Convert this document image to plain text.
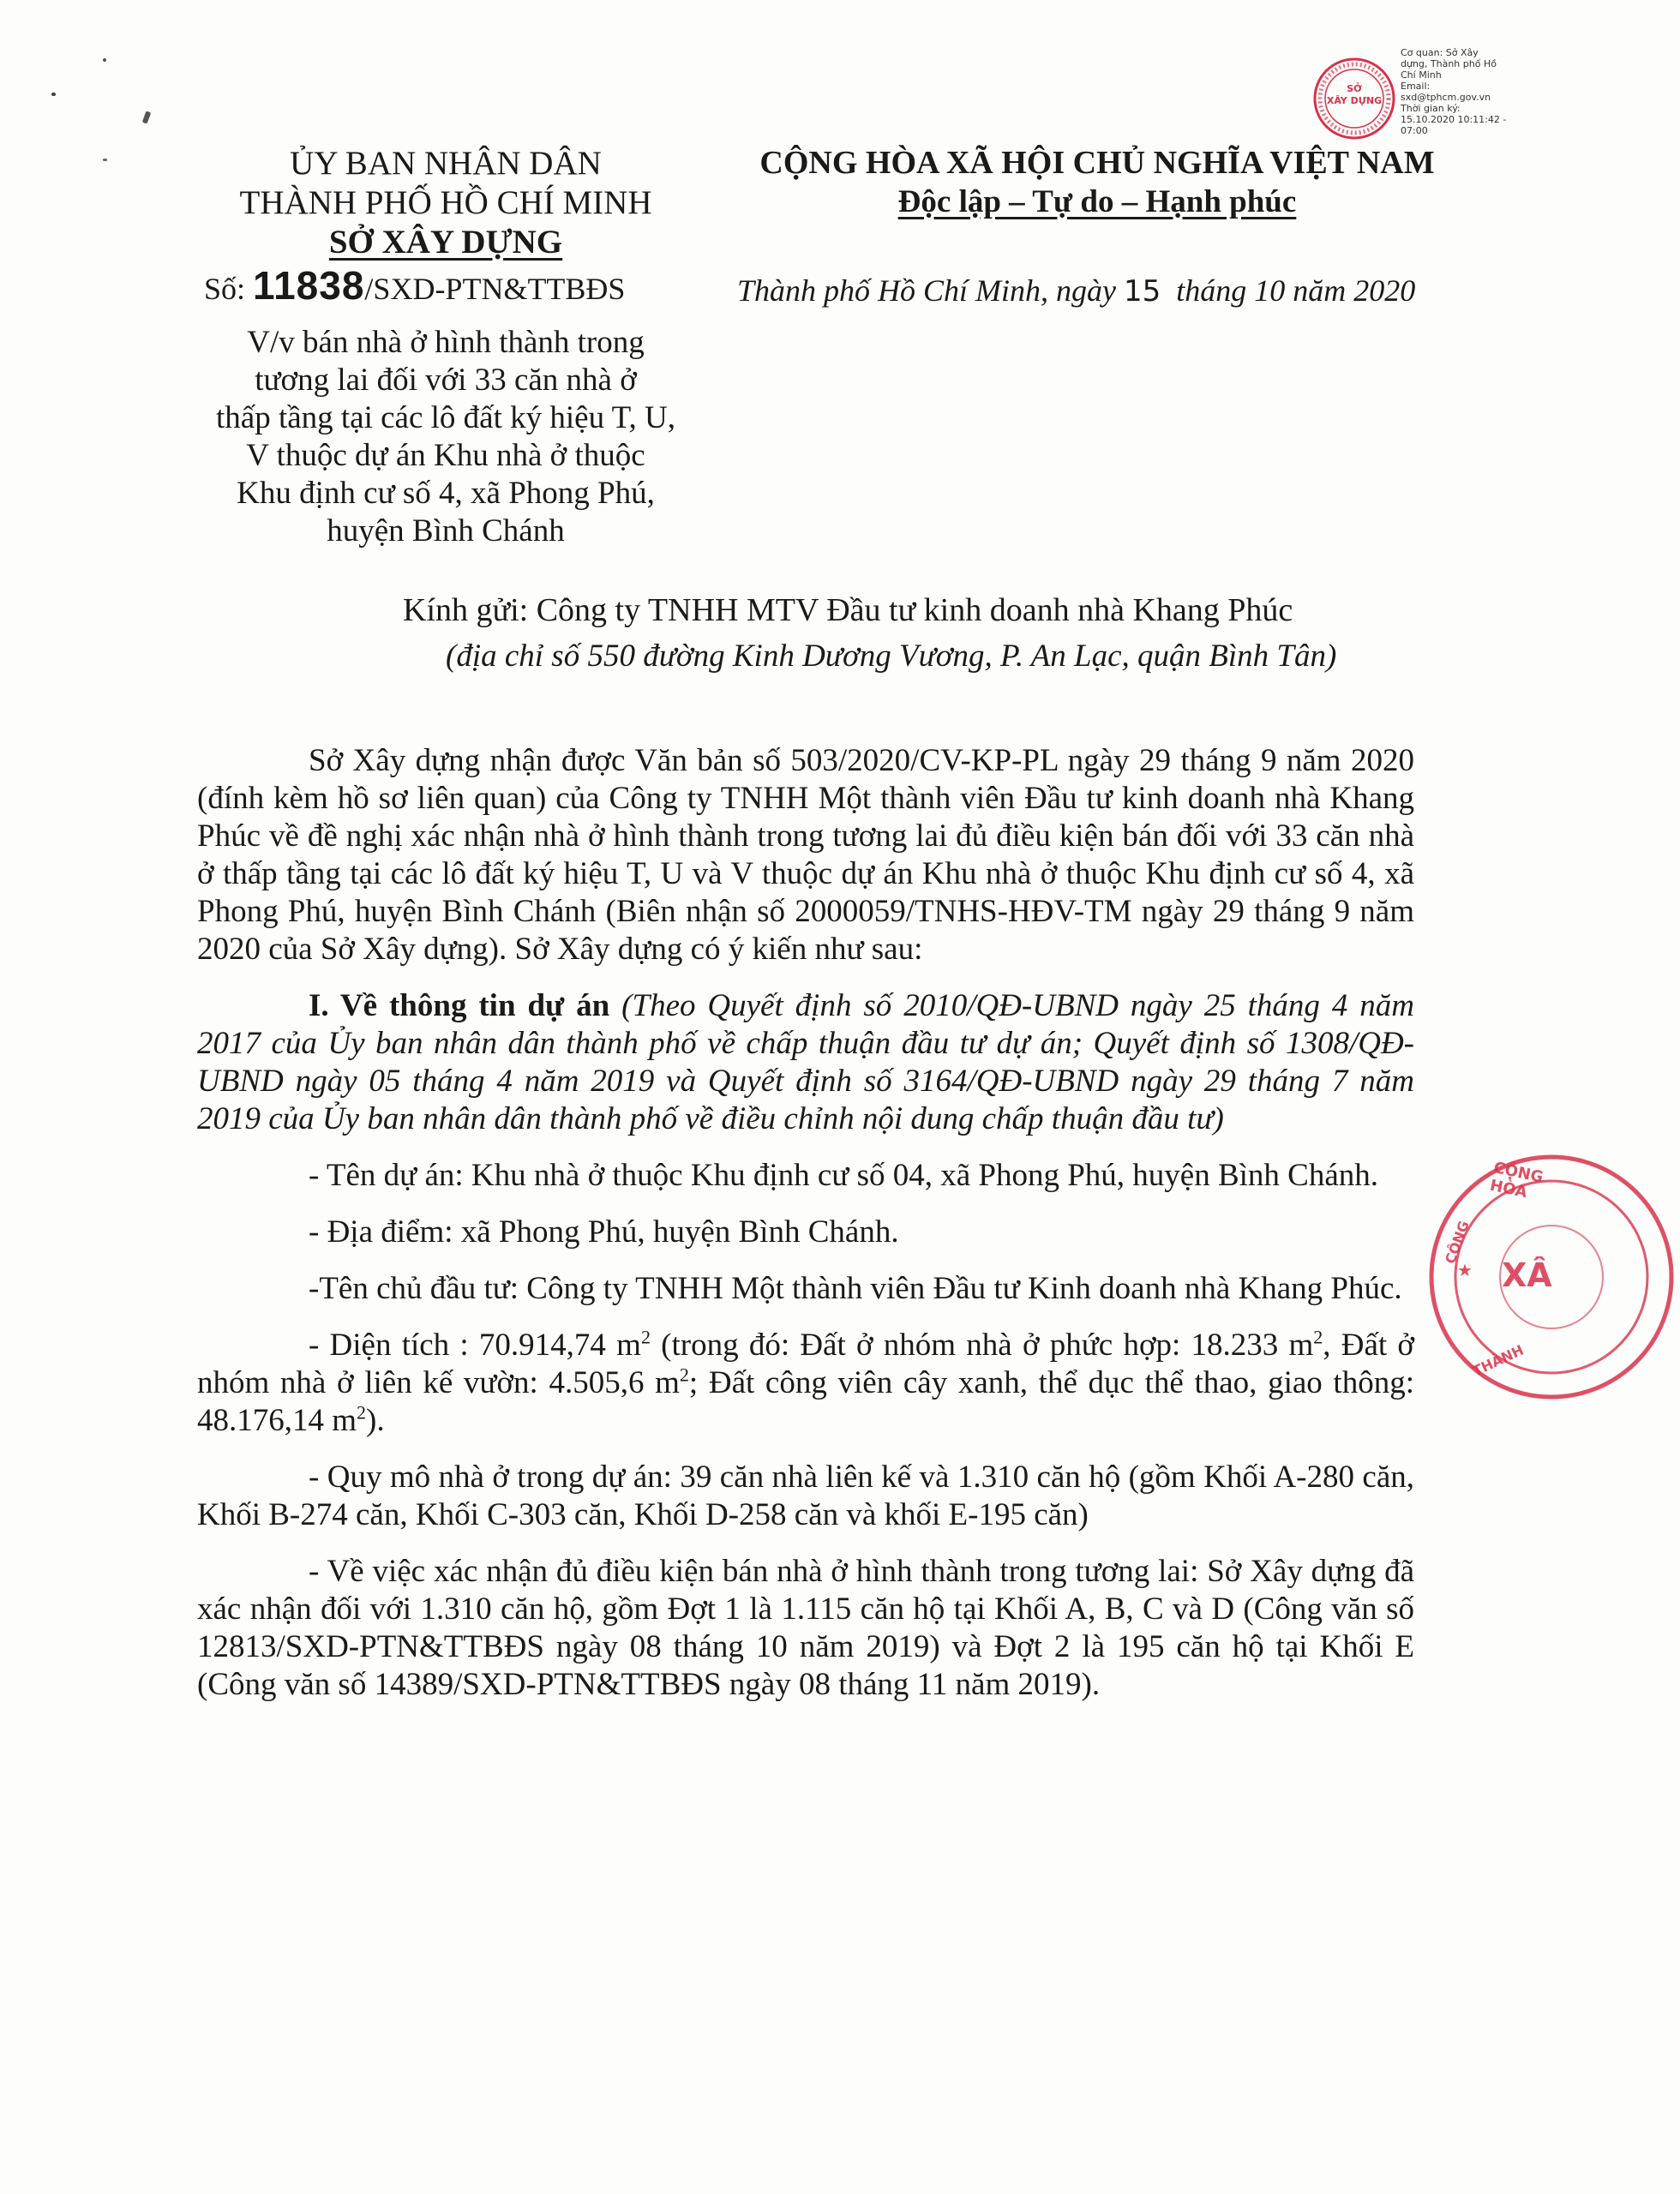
SỞ
XÂY DỰNG
Cơ quan: Sở Xây
dựng, Thành phố Hồ
Chí Minh
Email:
sxd@tphcm.gov.vn
Thời gian ký:
15.10.2020 10:11:42 -
07:00
ỦY BAN NHÂN DÂN
THÀNH PHỐ HỒ CHÍ MINH
SỞ XÂY DỰNG
Số: 11838/SXD-PTN&TTBĐS
V/v bán nhà ở hình thành trong
tương lai đối với 33 căn nhà ở
thấp tầng tại các lô đất ký hiệu T, U,
V thuộc dự án Khu nhà ở thuộc
Khu định cư số 4, xã Phong Phú,
huyện Bình Chánh
CỘNG HÒA XÃ HỘI CHỦ NGHĨA VIỆT NAM
Độc lập – Tự do – Hạnh phúc
Thành phố Hồ Chí Minh, ngày 15 tháng 10 năm 2020
Kính gửi: Công ty TNHH MTV Đầu tư kinh doanh nhà Khang Phúc
(địa chỉ số 550 đường Kinh Dương Vương, P. An Lạc, quận Bình Tân)

Sở Xây dựng nhận được Văn bản số 503/2020/CV-KP-PL ngày 29 tháng 9 năm 2020 (đính kèm hồ sơ liên quan) của Công ty TNHH Một thành viên Đầu tư kinh doanh nhà Khang Phúc về đề nghị xác nhận nhà ở hình thành trong tương lai đủ điều kiện bán đối với 33 căn nhà ở thấp tầng tại các lô đất ký hiệu T, U và V thuộc dự án Khu nhà ở thuộc Khu định cư số 4, xã Phong Phú, huyện Bình Chánh (Biên nhận số 2000059/TNHS-HĐV-TM ngày 29 tháng 9 năm 2020 của Sở Xây dựng). Sở Xây dựng có ý kiến như sau:

I. Về thông tin dự án (Theo Quyết định số 2010/QĐ-UBND ngày 25 tháng 4 năm 2017 của Ủy ban nhân dân thành phố về chấp thuận đầu tư dự án; Quyết định số 1308/QĐ-UBND ngày 05 tháng 4 năm 2019 và Quyết định số 3164/QĐ-UBND ngày 29 tháng 7 năm 2019 của Ủy ban nhân dân thành phố về điều chỉnh nội dung chấp thuận đầu tư)

- Tên dự án: Khu nhà ở thuộc Khu định cư số 04, xã Phong Phú, huyện Bình Chánh.

- Địa điểm: xã Phong Phú, huyện Bình Chánh.

-Tên chủ đầu tư: Công ty TNHH Một thành viên Đầu tư Kinh doanh nhà Khang Phúc.

- Diện tích : 70.914,74 $m^2$ (trong đó: Đất ở nhóm nhà ở phức hợp: 18.233 $m^2$, Đất ở nhóm nhà ở liên kế vườn: 4.505,6 $m^2$; Đất công viên cây xanh, thể dục thể thao, giao thông: 48.176,14 $m^2$).

- Quy mô nhà ở trong dự án: 39 căn nhà liên kế và 1.310 căn hộ (gồm Khối A-280 căn, Khối B-274 căn, Khối C-303 căn, Khối D-258 căn và khối E-195 căn)

- Về việc xác nhận đủ điều kiện bán nhà ở hình thành trong tương lai: Sở Xây dựng đã xác nhận đối với 1.310 căn hộ, gồm Đợt 1 là 1.115 căn hộ tại Khối A, B, C và D (Công văn số 12813/SXD-PTN&TTBĐS ngày 08 tháng 10 năm 2019) và Đợt 2 là 195 căn hộ tại Khối E (Công văn số 14389/SXD-PTN&TTBĐS ngày 08 tháng 11 năm 2019).

CỘNG HÒA
CÔNG
XÂ
THÀNH
★
